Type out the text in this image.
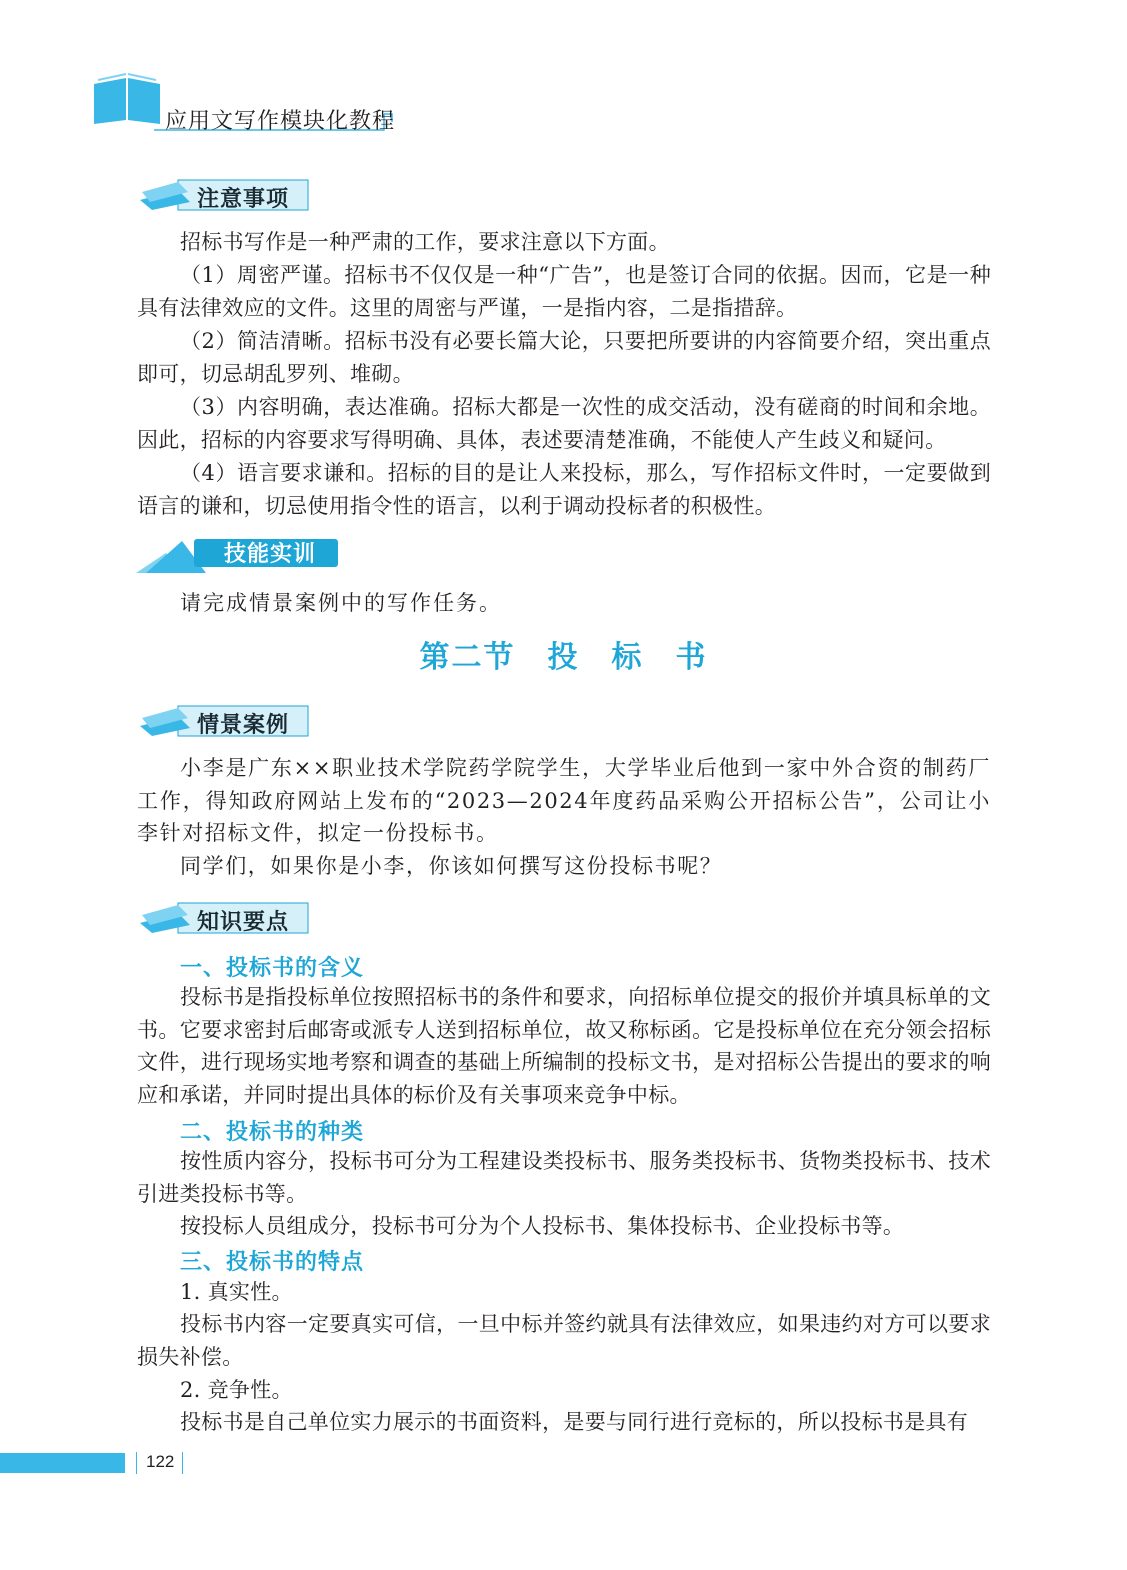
应用文写作模块化教程
注意事项
招标书写作是一种严肃的工作，要求注意以下方面。
（1）周密严谨。招标书不仅仅是一种“广告”，也是签订合同的依据。因而，它是一种具有法律效应的文件。这里的周密与严谨，一是指内容，二是指措辞。
（2）简洁清晰。招标书没有必要长篇大论，只要把所要讲的内容简要介绍，突出重点即可，切忌胡乱罗列、堆砌。
（3）内容明确，表达准确。招标大都是一次性的成交活动，没有磋商的时间和余地。因此，招标的内容要求写得明确、具体，表述要清楚准确，不能使人产生歧义和疑问。
（4）语言要求谦和。招标的目的是让人来投标，那么，写作招标文件时，一定要做到语言的谦和，切忌使用指令性的语言，以利于调动投标者的积极性。
技能实训
请完成情景案例中的写作任务。
第二节　投　标　书
情景案例
小李是广东××职业技术学院药学院学生，大学毕业后他到一家中外合资的制药厂工作，得知政府网站上发布的“2023—2024年度药品采购公开招标公告”，公司让小李针对招标文件，拟定一份投标书。
同学们，如果你是小李，你该如何撰写这份投标书呢？
知识要点
一、投标书的含义
投标书是指投标单位按照招标书的条件和要求，向招标单位提交的报价并填具标单的文书。它要求密封后邮寄或派专人送到招标单位，故又称标函。它是投标单位在充分领会招标文件，进行现场实地考察和调查的基础上所编制的投标文书，是对招标公告提出的要求的响应和承诺，并同时提出具体的标价及有关事项来竞争中标。
二、投标书的种类
按性质内容分，投标书可分为工程建设类投标书、服务类投标书、货物类投标书、技术引进类投标书等。
按投标人员组成分，投标书可分为个人投标书、集体投标书、企业投标书等。
三、投标书的特点
1. 真实性。
投标书内容一定要真实可信，一旦中标并签约就具有法律效应，如果违约对方可以要求损失补偿。
2. 竞争性。
投标书是自己单位实力展示的书面资料，是要与同行进行竞标的，所以投标书是具有
122
